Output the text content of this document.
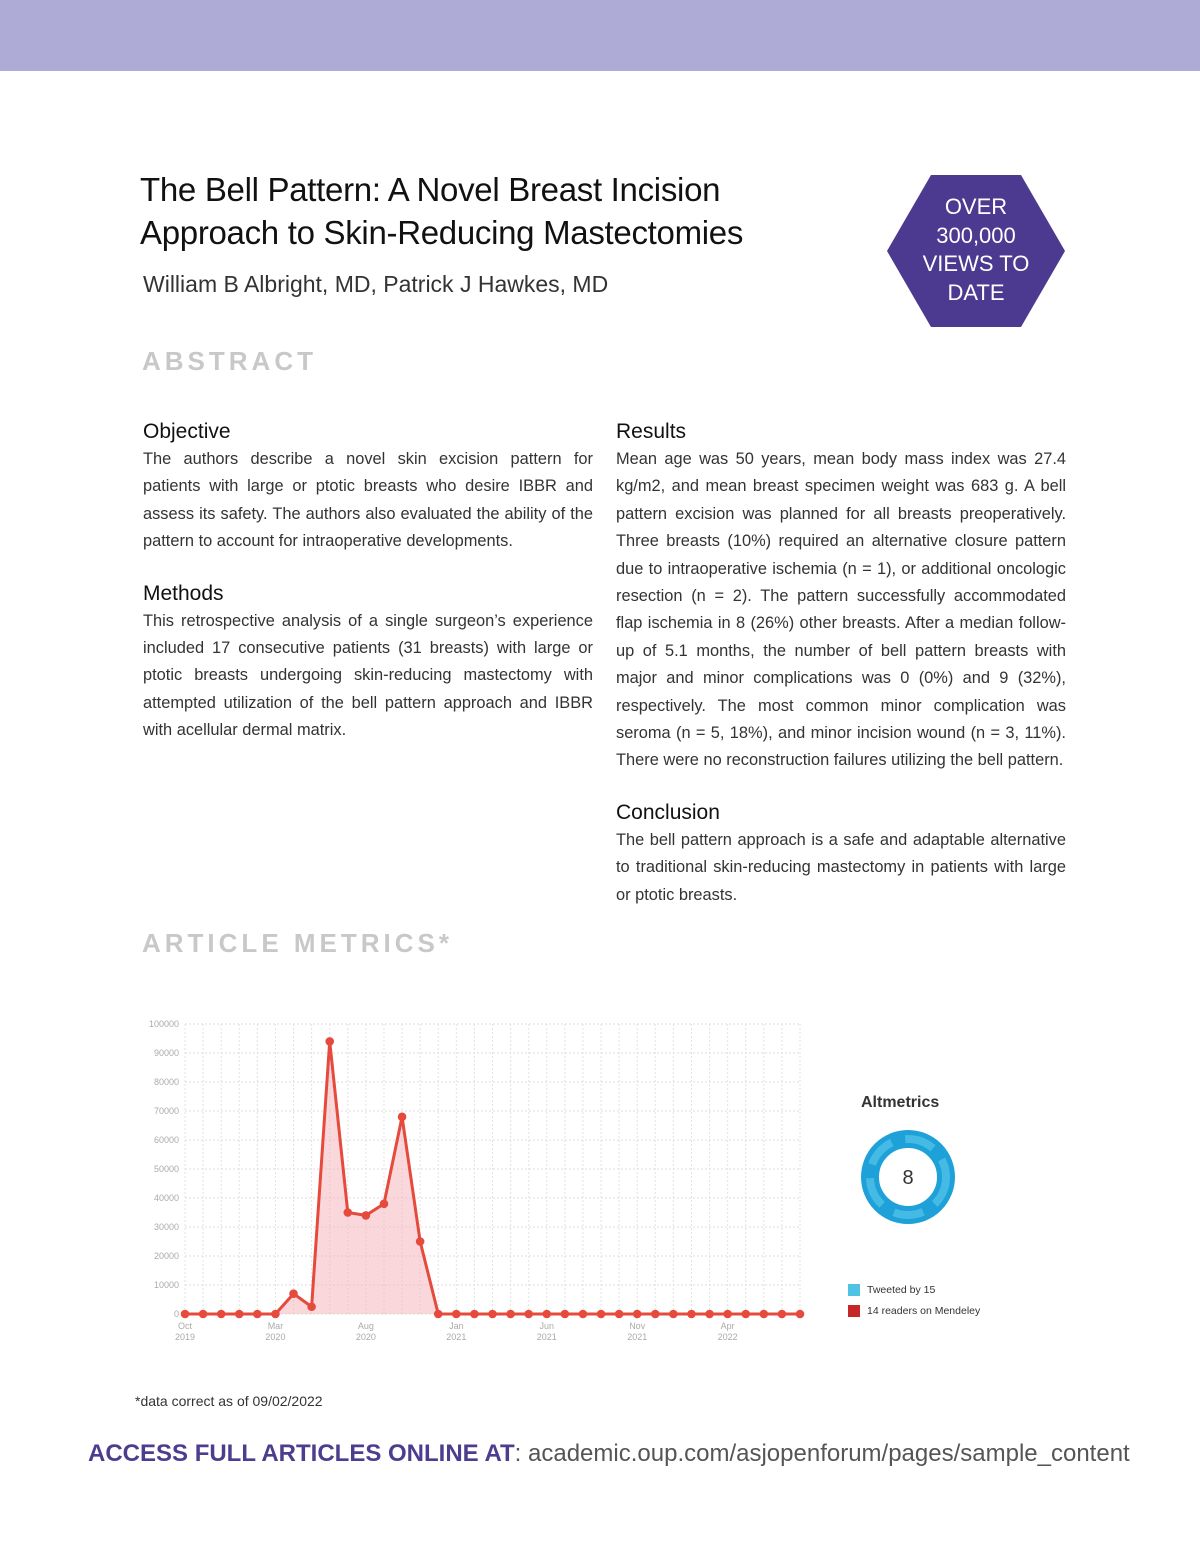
The Bell Pattern: A Novel Breast Incision
Approach to Skin-Reducing Mastectomies
William B Albright, MD, Patrick J Hawkes, MD
OVER
300,000
VIEWS TO
DATE
ABSTRACT
Objective

The authors describe a novel skin excision pattern for patients with large or ptotic breasts who desire IBBR and assess its safety. The authors also evaluated the ability of the pattern to account for intraoperative developments.

Methods

This retrospective analysis of a single surgeon’s experience included 17 consecutive patients (31 breasts) with large or ptotic breasts undergoing skin-reducing mastectomy with attempted utilization of the bell pattern approach and IBBR with acellular dermal matrix.

Results

Mean age was 50 years, mean body mass index was 27.4 kg/m2, and mean breast specimen weight was 683 g. A bell pattern excision was planned for all breasts preoperatively. Three breasts (10%) required an alternative closure pattern due to intraoperative ischemia (n = 1), or additional oncologic resection (n = 2). The pattern successfully accommodated flap ischemia in 8 (26%) other breasts. After a median follow-up of 5.1 months, the number of bell pattern breasts with major and minor complications was 0 (0%) and 9 (32%), respectively. The most common minor complication was seroma (n = 5, 18%), and minor incision wound (n = 3, 11%). There were no reconstruction failures utilizing the bell pattern.

Conclusion

The bell pattern approach is a safe and adaptable alternative to traditional skin-reducing mastectomy in patients with large or ptotic breasts.

ARTICLE METRICS*
0
10000
20000
30000
40000
50000
60000
70000
80000
90000
100000
Oct
2019
Mar
2020
Aug
2020
Jan
2021
Jun
2021
Nov
2021
Apr
2022
Altmetrics
8
Tweeted by 15
14 readers on Mendeley
*data correct as of 09/02/2022
ACCESS FULL ARTICLES ONLINE AT: academic.oup.com/asjopenforum/pages/sample_content
